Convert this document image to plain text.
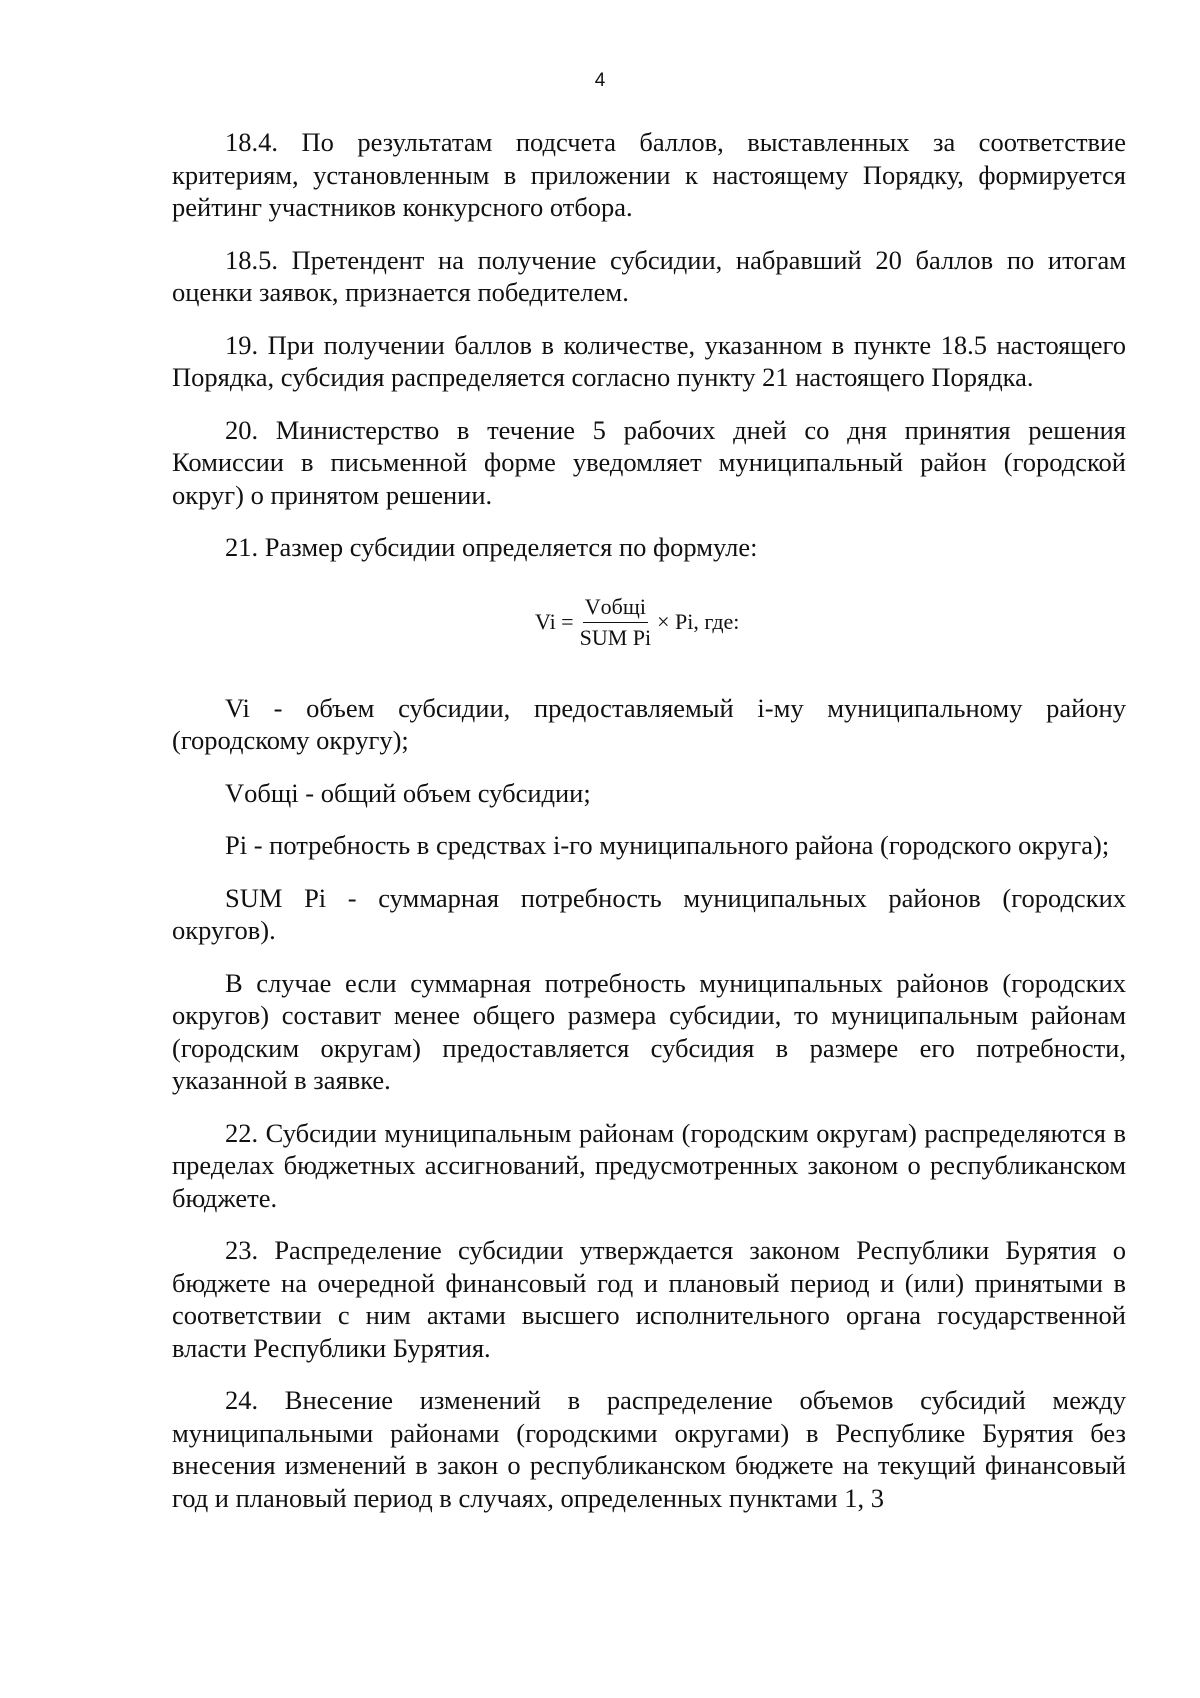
4

18.4. По результатам подсчета баллов, выставленных за соответствие критериям, установленным в приложении к настоящему Порядку, формируется рейтинг участников конкурсного отбора.

18.5. Претендент на получение субсидии, набравший 20 баллов по итогам оценки заявок, признается победителем.

19. При получении баллов в количестве, указанном в пункте 18.5 настоящего Порядка, субсидия распределяется согласно пункту 21 настоящего Порядка.

20. Министерство в течение 5 рабочих дней со дня принятия решения Комиссии в письменной форме уведомляет муниципальный район (городской округ) о принятом решении.

21. Размер субсидии определяется по формуле:

$Vi = \frac{\text{Vобщi}}{\text{SUM Pi}} \times Pi$, где:

Vi - объем субсидии, предоставляемый i-му муниципальному району (городскому округу);

Vобщi - общий объем субсидии;

Pi - потребность в средствах i-го муниципального района (городского округа);

SUM Pi - суммарная потребность муниципальных районов (городских округов).

В случае если суммарная потребность муниципальных районов (городских округов) составит менее общего размера субсидии, то муниципальным районам (городским округам) предоставляется субсидия в размере его потребности, указанной в заявке.

22. Субсидии муниципальным районам (городским округам) распределяются в пределах бюджетных ассигнований, предусмотренных законом о республиканском бюджете.

23. Распределение субсидии утверждается законом Республики Бурятия о бюджете на очередной финансовый год и плановый период и (или) принятыми в соответствии с ним актами высшего исполнительного органа государственной власти Республики Бурятия.

24. Внесение изменений в распределение объемов субсидий между муниципальными районами (городскими округами) в Республике Бурятия без внесения изменений в закон о республиканском бюджете на текущий финансовый год и плановый период в случаях, определенных пунктами 1, 3
